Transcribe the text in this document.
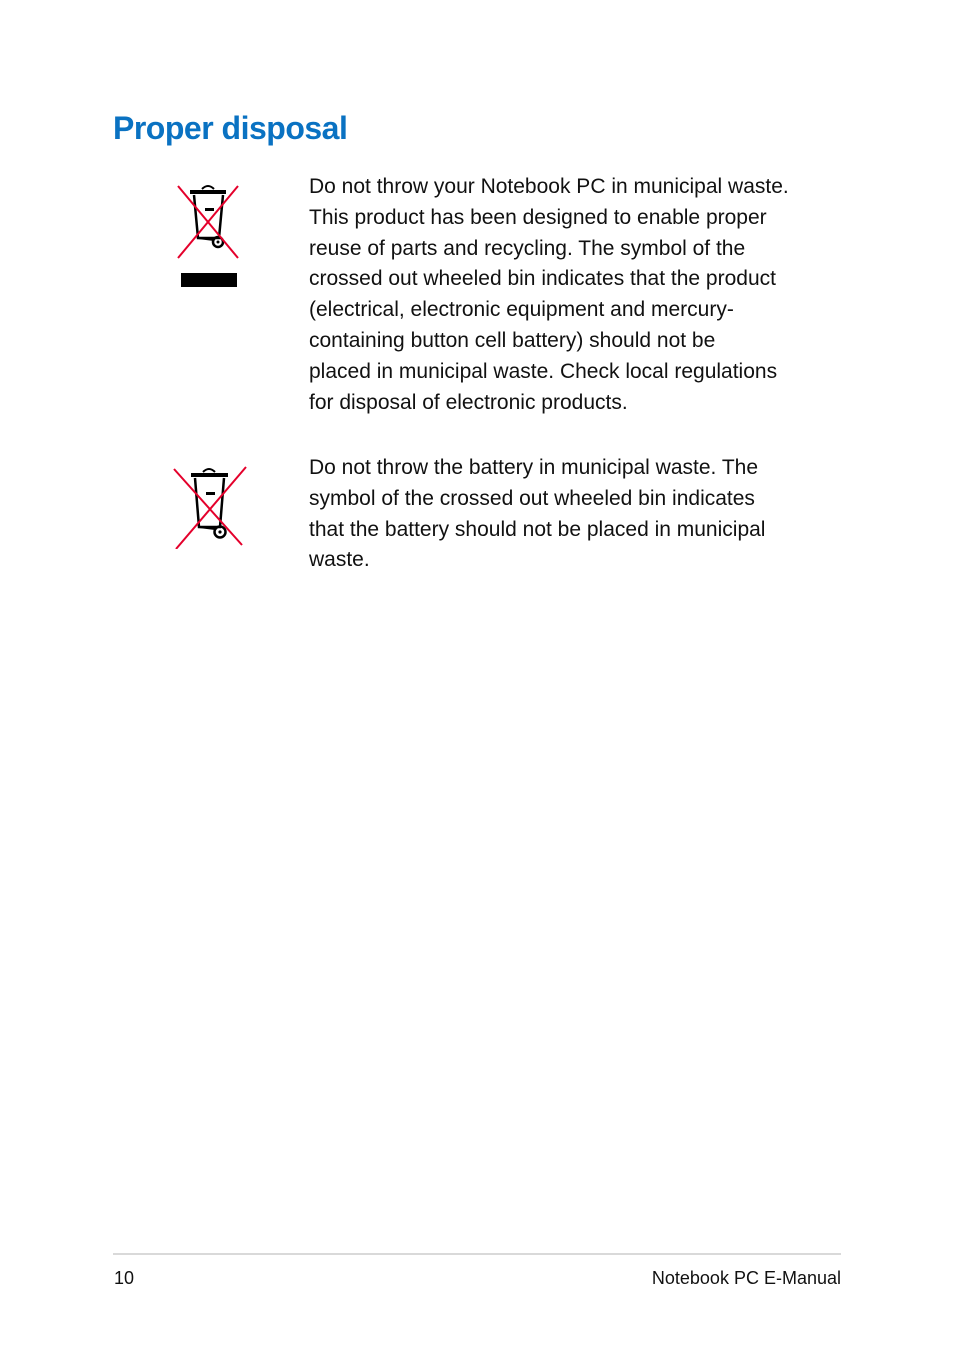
Proper disposal

Do not throw your Notebook PC in municipal waste.
This product has been designed to enable proper
reuse of parts and recycling. The symbol of the
crossed out wheeled bin indicates that the product
(electrical, electronic equipment and mercury-
containing button cell battery) should not be
placed in municipal waste. Check local regulations
for disposal of electronic products.

Do not throw the battery in municipal waste. The
symbol of the crossed out wheeled bin indicates
that the battery should not be placed in municipal
waste.

10	Notebook PC E-Manual
